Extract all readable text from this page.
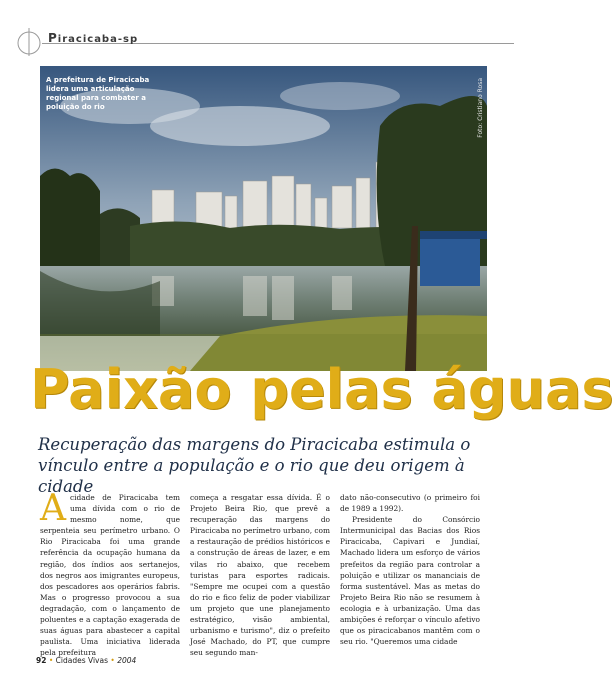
Piracicaba-sp
A prefeitura de Piracicaba lidera uma articulação regional para combater a poluição do rio	Foto: Cristiano Rosa
Paixão pelas águas
Recuperação das margens do Piracicaba estimula o vínculo entre a população e o rio que deu origem à cidade
A cidade de Piracicaba tem uma dívida com o rio de mesmo nome, que serpenteia seu perímetro urbano. O Rio Piracicaba foi uma grande referência da ocupação humana da região, dos índios aos sertanejos, dos negros aos imigrantes europeus, dos pescadores aos operários fabris. Mas o progresso provocou a sua degradação, com o lançamento de poluentes e a captação exagerada de suas águas para abastecer a capital paulista. Uma iniciativa liderada pela prefeitura

começa a resgatar essa dívida. É o Projeto Beira Rio, que prevê a recuperação das margens do Piracicaba no perímetro urbano, com a restauração de prédios históricos e a construção de áreas de lazer, e em vilas rio abaixo, que recebem turistas para esportes radicais. "Sempre me ocupei com a questão do rio e fico feliz de poder viabilizar um projeto que une planejamento estratégico, visão ambiental, urbanismo e turismo", diz o prefeito José Machado, do PT, que cumpre seu segundo man-

dato não-consecutivo (o primeiro foi de 1989 a 1992).

Presidente do Consórcio Intermunicipal das Bacias dos Rios Piracicaba, Capivari e Jundiaí, Machado lidera um esforço de vários prefeitos da região para controlar a poluição e utilizar os mananciais de forma sustentável. Mas as metas do Projeto Beira Rio não se resumem à ecologia e à urbanização. Uma das ambições é reforçar o vínculo afetivo que os piracicabanos mantêm com o seu rio. "Queremos uma cidade

92 • Cidades Vivas • 2004
